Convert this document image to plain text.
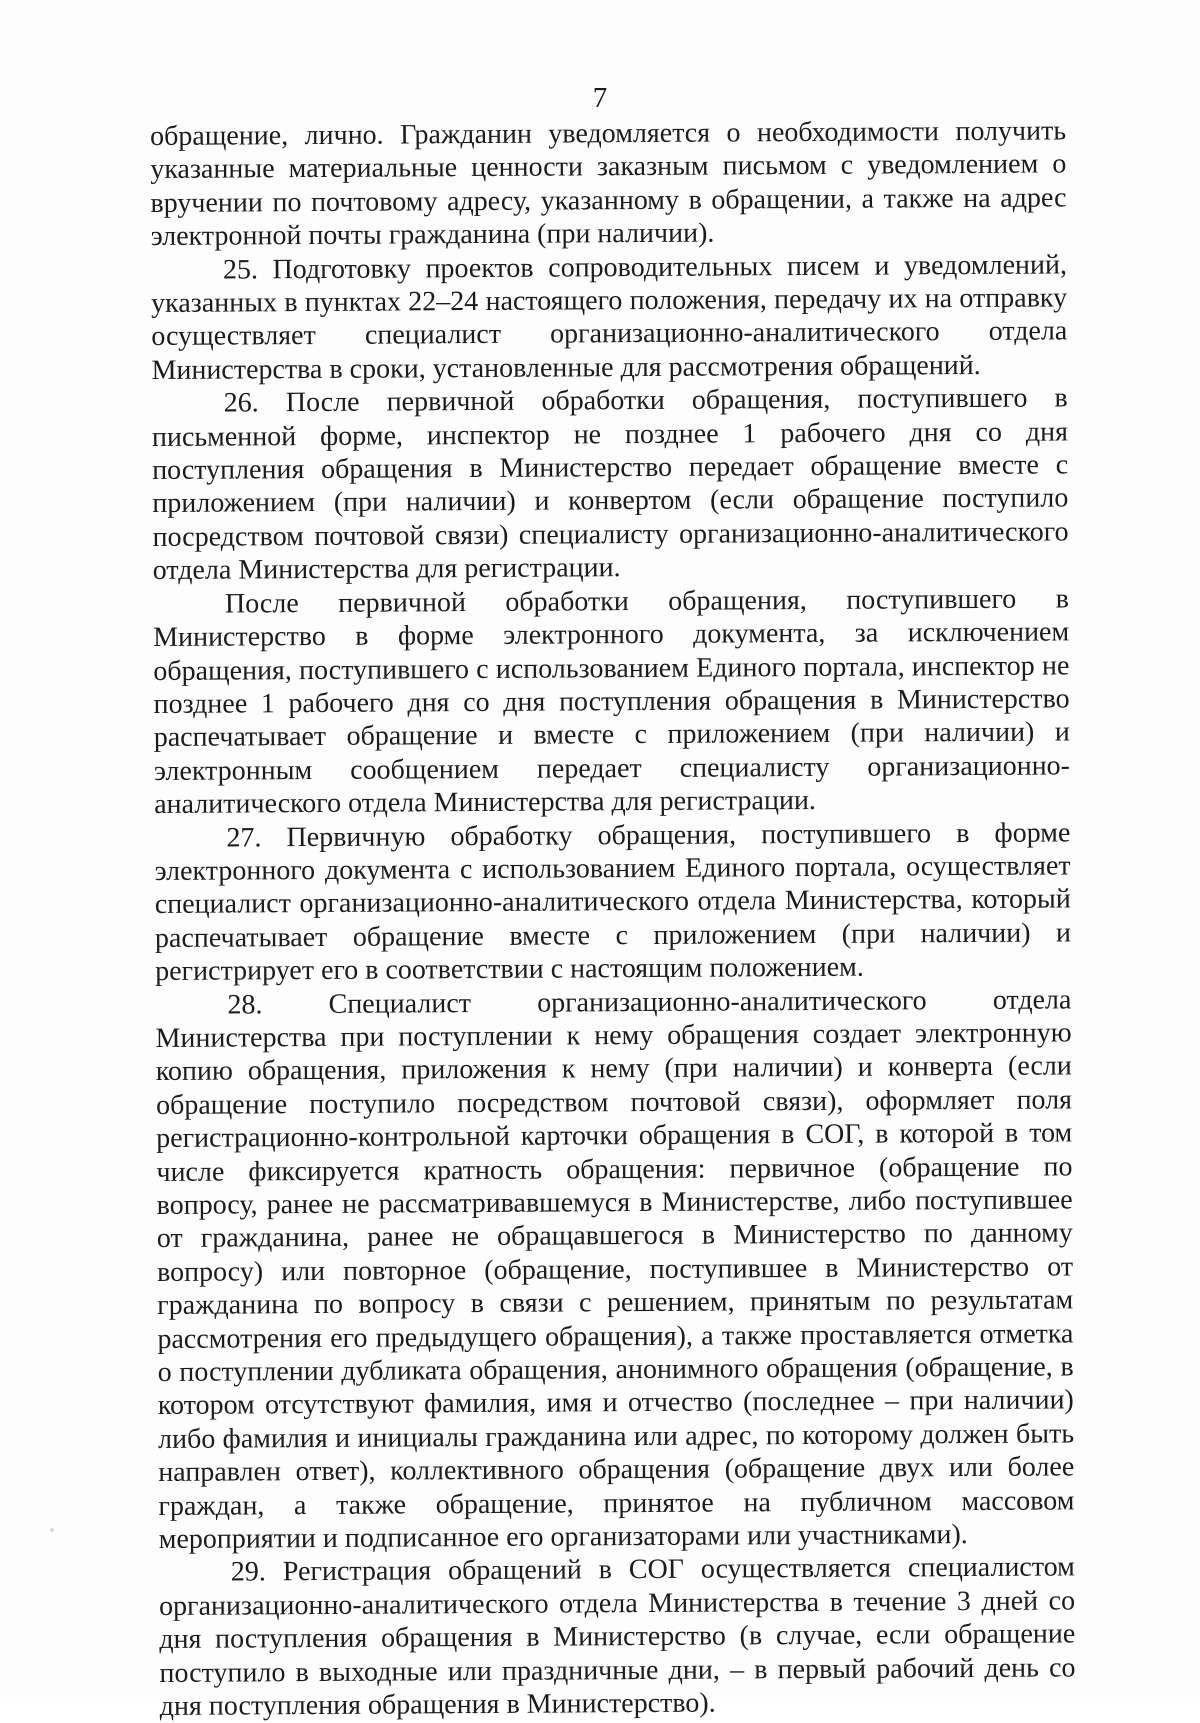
7

обращение, лично. Гражданин уведомляется о необходимости получить указанные материальные ценности заказным письмом с уведомлением о вручении по почтовому адресу, указанному в обращении, а также на адрес электронной почты гражданина (при наличии).

25. Подготовку проектов сопроводительных писем и уведомлений, указанных в пунктах 22–24 настоящего положения, передачу их на отправку осуществляет специалист организационно-аналитического отдела Министерства в сроки, установленные для рассмотрения обращений.

26. После первичной обработки обращения, поступившего в письменной форме, инспектор не позднее 1 рабочего дня со дня поступления обращения в Министерство передает обращение вместе с приложением (при наличии) и конвертом (если обращение поступило посредством почтовой связи) специалисту организационно-аналитического отдела Министерства для регистрации.

После первичной обработки обращения, поступившего в Министерство в форме электронного документа, за исключением обращения, поступившего с использованием Единого портала, инспектор не позднее 1 рабочего дня со дня поступления обращения в Министерство распечатывает обращение и вместе с приложением (при наличии) и электронным сообщением передает специалисту организационно-аналитического отдела Министерства для регистрации.

27. Первичную обработку обращения, поступившего в форме электронного документа с использованием Единого портала, осуществляет специалист организационно-аналитического отдела Министерства, который распечатывает обращение вместе с приложением (при наличии) и регистрирует его в соответствии с настоящим положением.

28. Специалист организационно-аналитического отдела Министерства при поступлении к нему обращения создает электронную копию обращения, приложения к нему (при наличии) и конверта (если обращение поступило посредством почтовой связи), оформляет поля регистрационно-контрольной карточки обращения в СОГ, в которой в том числе фиксируется кратность обращения: первичное (обращение по вопросу, ранее не рассматривавшемуся в Министерстве, либо поступившее от гражданина, ранее не обращавшегося в Министерство по данному вопросу) или повторное (обращение, поступившее в Министерство от гражданина по вопросу в связи с решением, принятым по результатам рассмотрения его предыдущего обращения), а также проставляется отметка о поступлении дубликата обращения, анонимного обращения (обращение, в котором отсутствуют фамилия, имя и отчество (последнее – при наличии) либо фамилия и инициалы гражданина или адрес, по которому должен быть направлен ответ), коллективного обращения (обращение двух или более граждан, а также обращение, принятое на публичном массовом мероприятии и подписанное его организаторами или участниками).

29. Регистрация обращений в СОГ осуществляется специалистом организационно-аналитического отдела Министерства в течение 3 дней со дня поступления обращения в Министерство (в случае, если обращение поступило в выходные или праздничные дни, – в первый рабочий день со дня поступления обращения в Министерство).
